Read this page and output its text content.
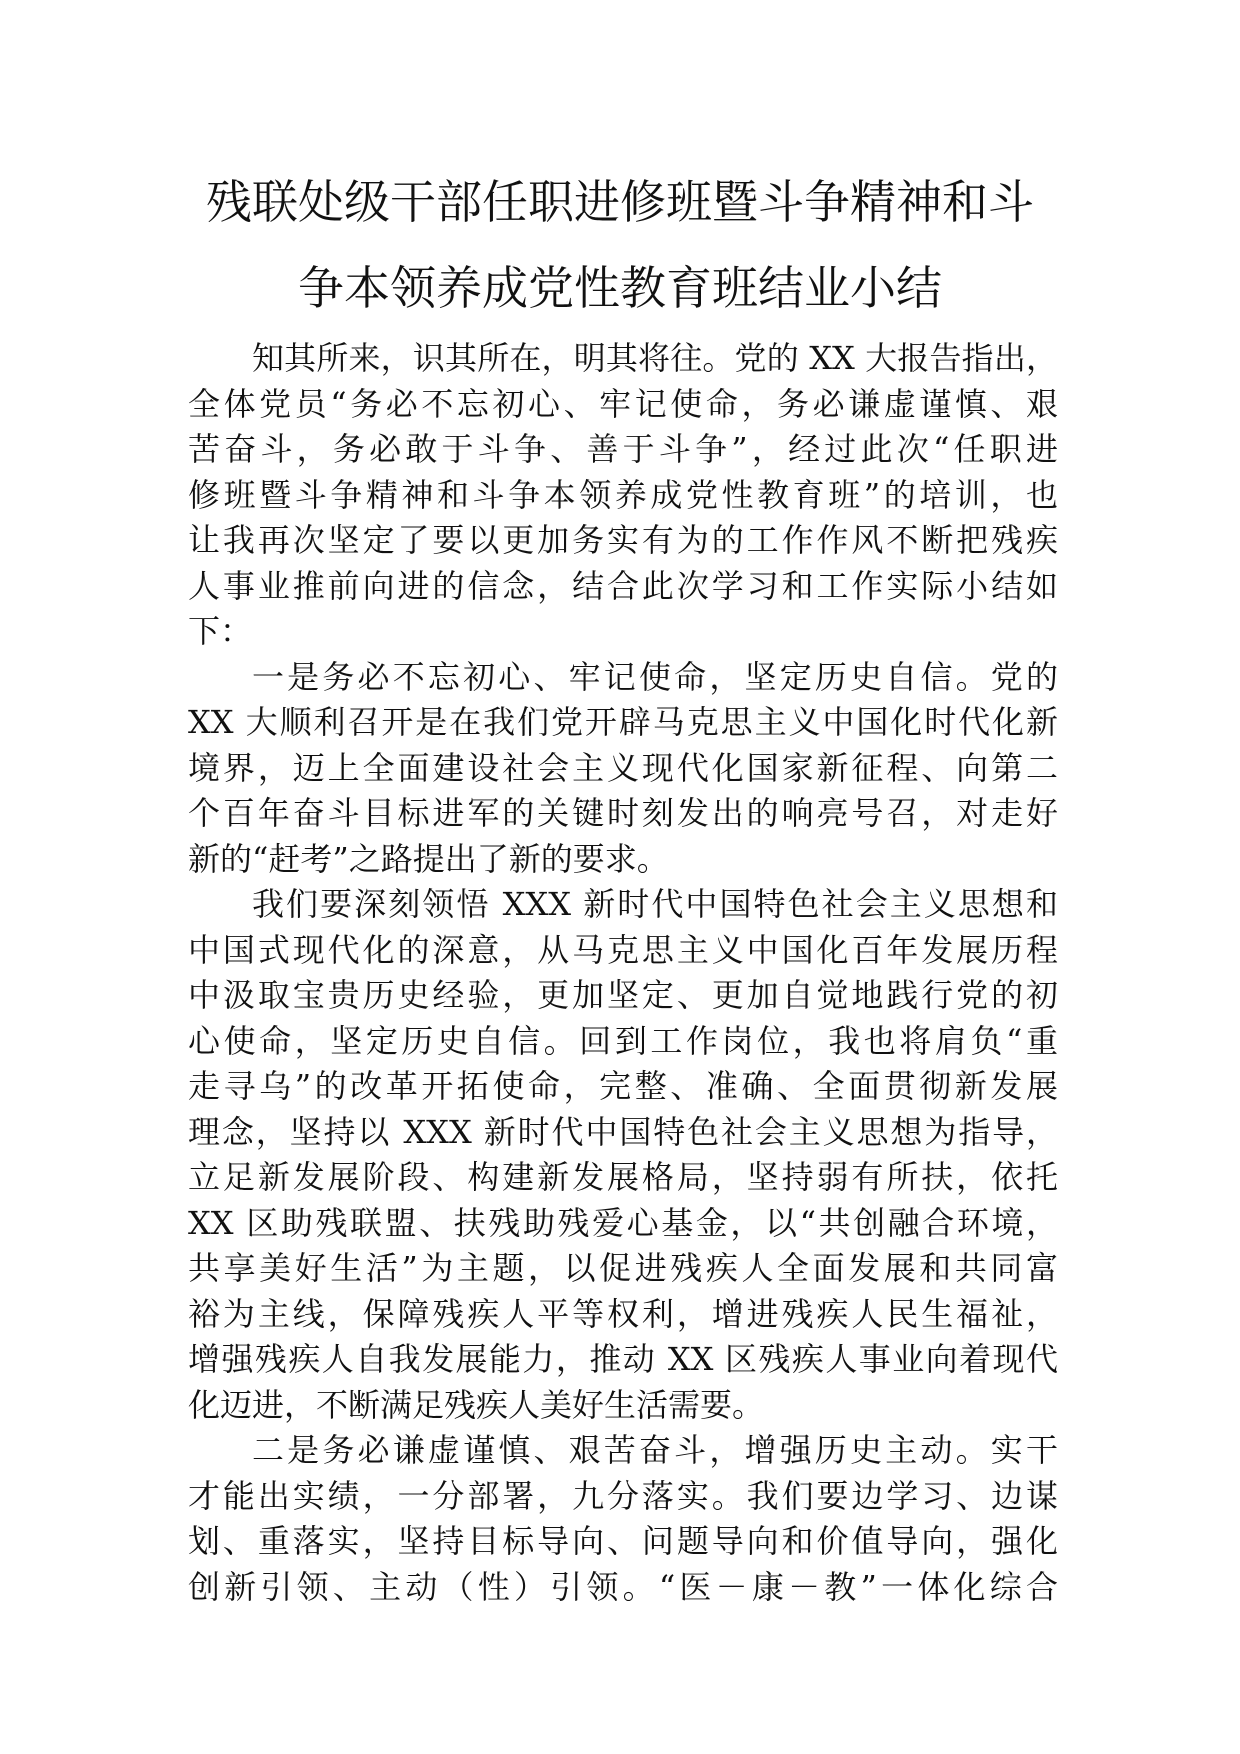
残联处级干部任职进修班暨斗争精神和斗
争本领养成党性教育班结业小结
知其所来，识其所在，明其将往。党的 XX 大报告指出，
全体党员“务必不忘初心、牢记使命，务必谦虚谨慎、艰
苦奋斗，务必敢于斗争、善于斗争”，经过此次“任职进
修班暨斗争精神和斗争本领养成党性教育班”的培训，也
让我再次坚定了要以更加务实有为的工作作风不断把残疾
人事业推前向进的信念，结合此次学习和工作实际小结如
下：
一是务必不忘初心、牢记使命，坚定历史自信。党的
XX 大顺利召开是在我们党开辟马克思主义中国化时代化新
境界，迈上全面建设社会主义现代化国家新征程、向第二
个百年奋斗目标进军的关键时刻发出的响亮号召，对走好
新的“赶考”之路提出了新的要求。
我们要深刻领悟 XXX 新时代中国特色社会主义思想和
中国式现代化的深意，从马克思主义中国化百年发展历程
中汲取宝贵历史经验，更加坚定、更加自觉地践行党的初
心使命，坚定历史自信。回到工作岗位，我也将肩负“重
走寻乌”的改革开拓使命，完整、准确、全面贯彻新发展
理念，坚持以 XXX 新时代中国特色社会主义思想为指导，
立足新发展阶段、构建新发展格局，坚持弱有所扶，依托
XX 区助残联盟、扶残助残爱心基金，以“共创融合环境，
共享美好生活”为主题，以促进残疾人全面发展和共同富
裕为主线，保障残疾人平等权利，增进残疾人民生福祉，
增强残疾人自我发展能力，推动 XX 区残疾人事业向着现代
化迈进，不断满足残疾人美好生活需要。
二是务必谦虚谨慎、艰苦奋斗，增强历史主动。实干
才能出实绩，一分部署，九分落实。我们要边学习、边谋
划、重落实，坚持目标导向、问题导向和价值导向，强化
创新引领、主动（性）引领。“医－康－教”一体化综合
